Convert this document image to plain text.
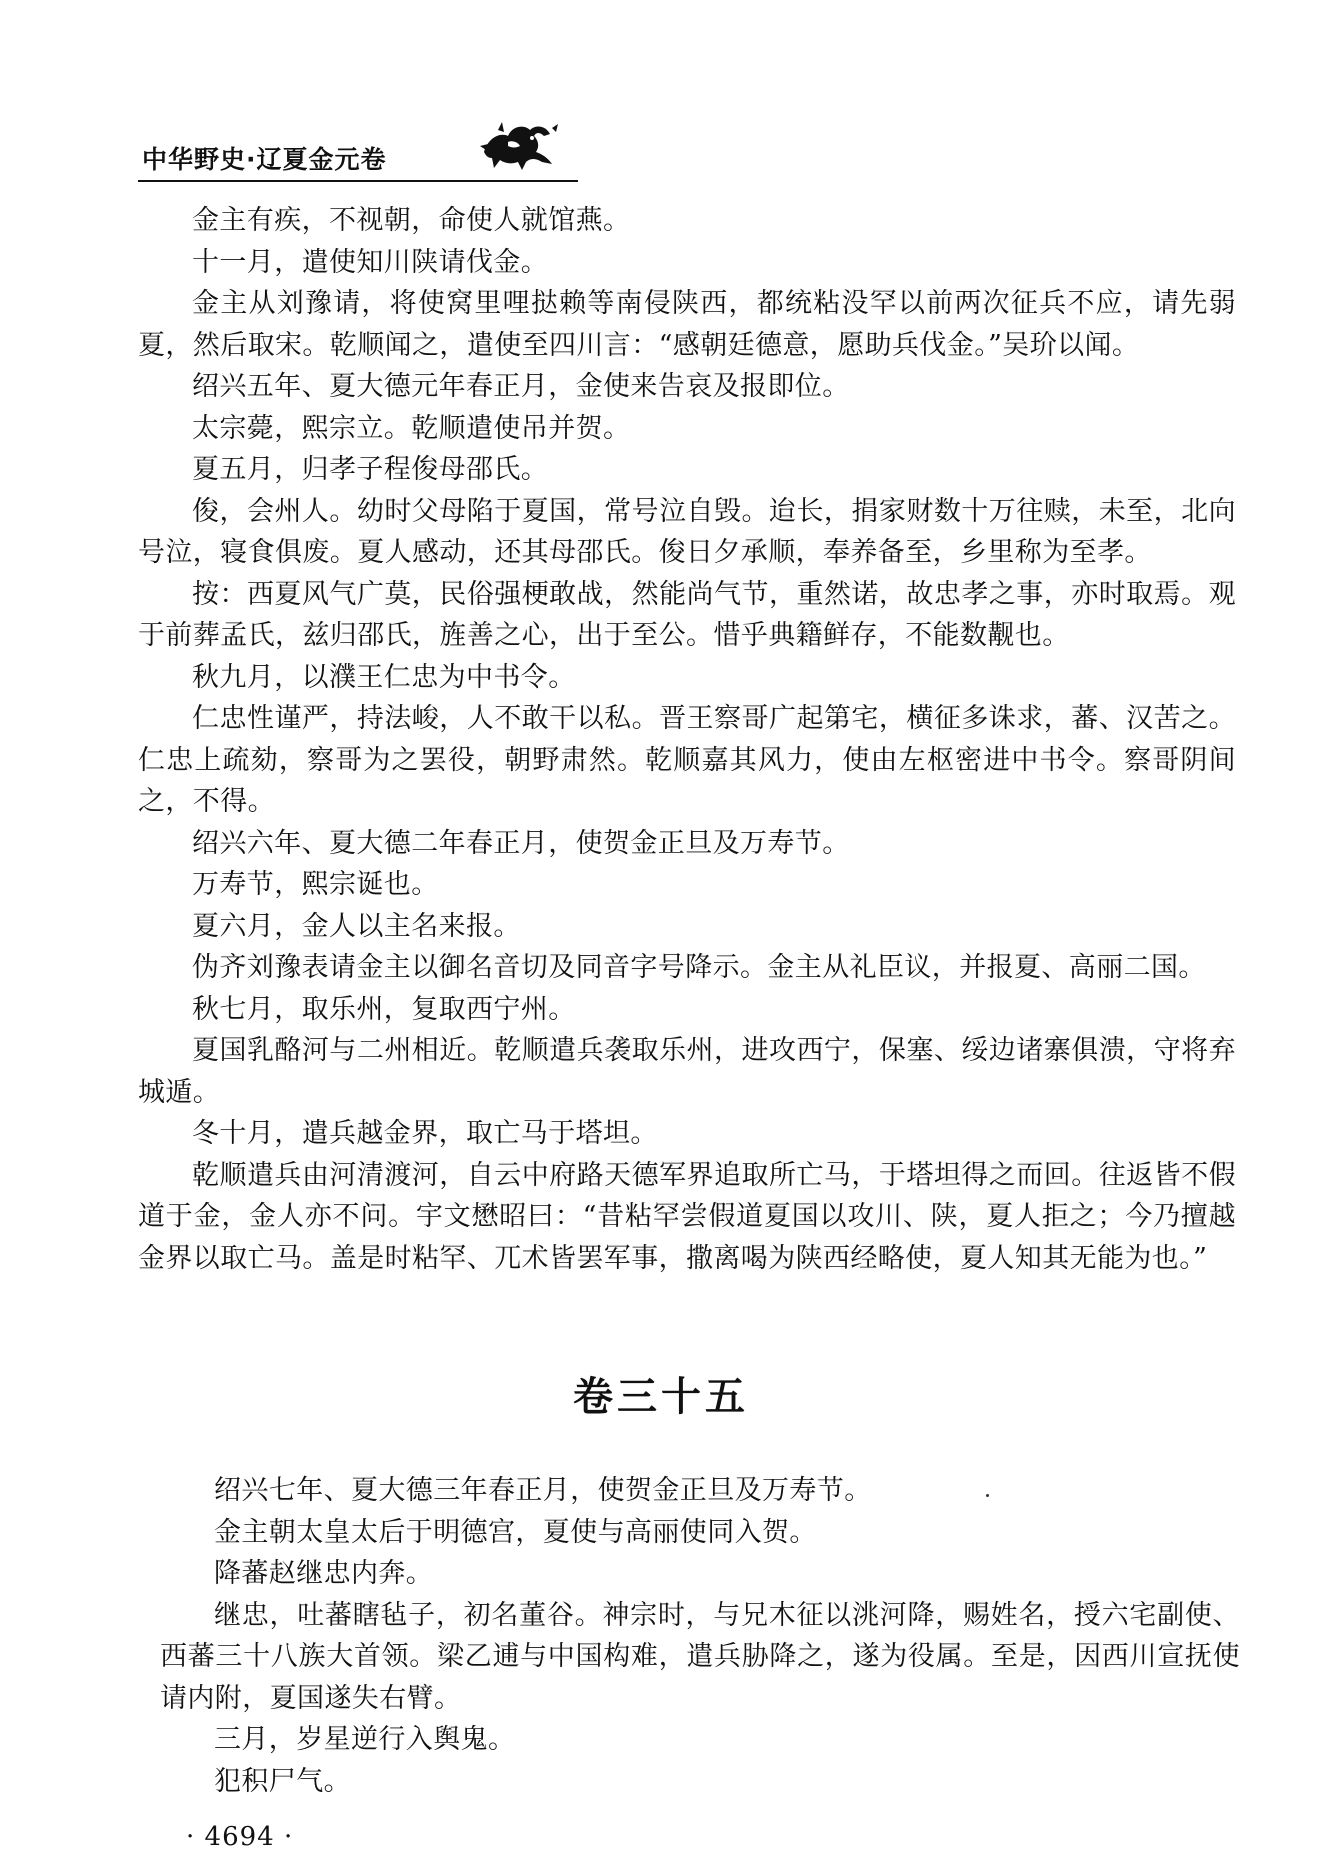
中华野史·辽夏金元卷

金主有疾，不视朝，命使人就馆燕。

十一月，遣使知川陕请伐金。

金主从刘豫请，将使窝里哩挞赖等南侵陕西，都统粘没罕以前两次征兵不应，请先弱夏，然后取宋。乾顺闻之，遣使至四川言：“感朝廷德意，愿助兵伐金。”吴玠以闻。

绍兴五年、夏大德元年春正月，金使来告哀及报即位。

太宗薨，熙宗立。乾顺遣使吊并贺。

夏五月，归孝子程俊母邵氏。

俊，会州人。幼时父母陷于夏国，常号泣自毁。迨长，捐家财数十万往赎，未至，北向号泣，寝食俱废。夏人感动，还其母邵氏。俊日夕承顺，奉养备至，乡里称为至孝。

按：西夏风气广莫，民俗强梗敢战，然能尚气节，重然诺，故忠孝之事，亦时取焉。观于前葬孟氏，兹归邵氏，旌善之心，出于至公。惜乎典籍鲜存，不能数觏也。

秋九月，以濮王仁忠为中书令。

仁忠性谨严，持法峻，人不敢干以私。晋王察哥广起第宅，横征多诛求，蕃、汉苦之。仁忠上疏劾，察哥为之罢役，朝野肃然。乾顺嘉其风力，使由左枢密进中书令。察哥阴间之，不得。

绍兴六年、夏大德二年春正月，使贺金正旦及万寿节。

万寿节，熙宗诞也。

夏六月，金人以主名来报。

伪齐刘豫表请金主以御名音切及同音字号降示。金主从礼臣议，并报夏、高丽二国。

秋七月，取乐州，复取西宁州。

夏国乳酪河与二州相近。乾顺遣兵袭取乐州，进攻西宁，保塞、绥边诸寨俱溃，守将弃城遁。

冬十月，遣兵越金界，取亡马于塔坦。

乾顺遣兵由河清渡河，自云中府路天德军界追取所亡马，于塔坦得之而回。往返皆不假道于金，金人亦不问。宇文懋昭曰：“昔粘罕尝假道夏国以攻川、陕，夏人拒之；今乃擅越金界以取亡马。盖是时粘罕、兀术皆罢军事，撒离喝为陕西经略使，夏人知其无能为也。”

卷三十五

绍兴七年、夏大德三年春正月，使贺金正旦及万寿节。

金主朝太皇太后于明德宫，夏使与高丽使同入贺。

降蕃赵继忠内奔。

继忠，吐蕃瞎毡子，初名董谷。神宗时，与兄木征以洮河降，赐姓名，授六宅副使、西蕃三十八族大首领。梁乙逋与中国构难，遣兵胁降之，遂为役属。至是，因西川宣抚使请内附，夏国遂失右臂。

三月，岁星逆行入舆鬼。

犯积尸气。

· 4694 ·
